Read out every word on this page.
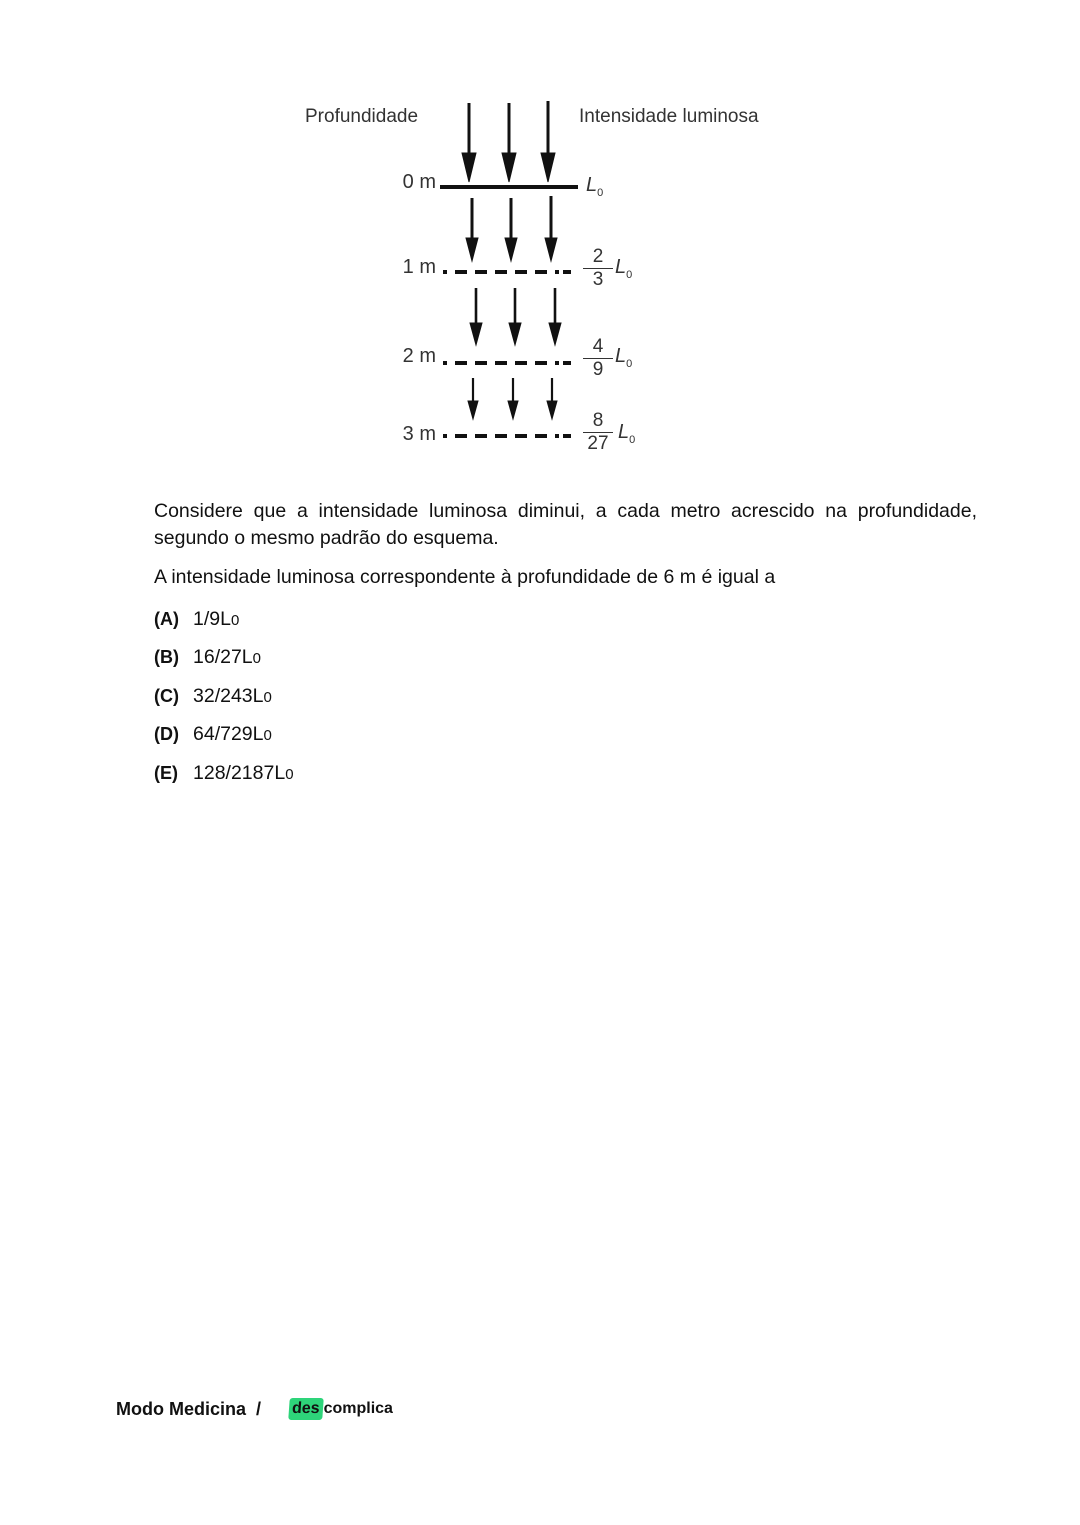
Profundidade	Intensidade luminosa
0 m	$L_0$
1 m	$\frac{2}{3} L_0$
2 m	$\frac{4}{9} L_0$
3 m	$\frac{8}{27} L_0$

Considere que a intensidade luminosa diminui, a cada metro acrescido na profundidade, segundo o mesmo padrão do esquema.

A intensidade luminosa correspondente à profundidade de 6 m é igual a

(A) 1/9L0
(B) 16/27L0
(C) 32/243L0
(D) 64/729L0
(E) 128/2187L0
Modo Medicina / des complica
